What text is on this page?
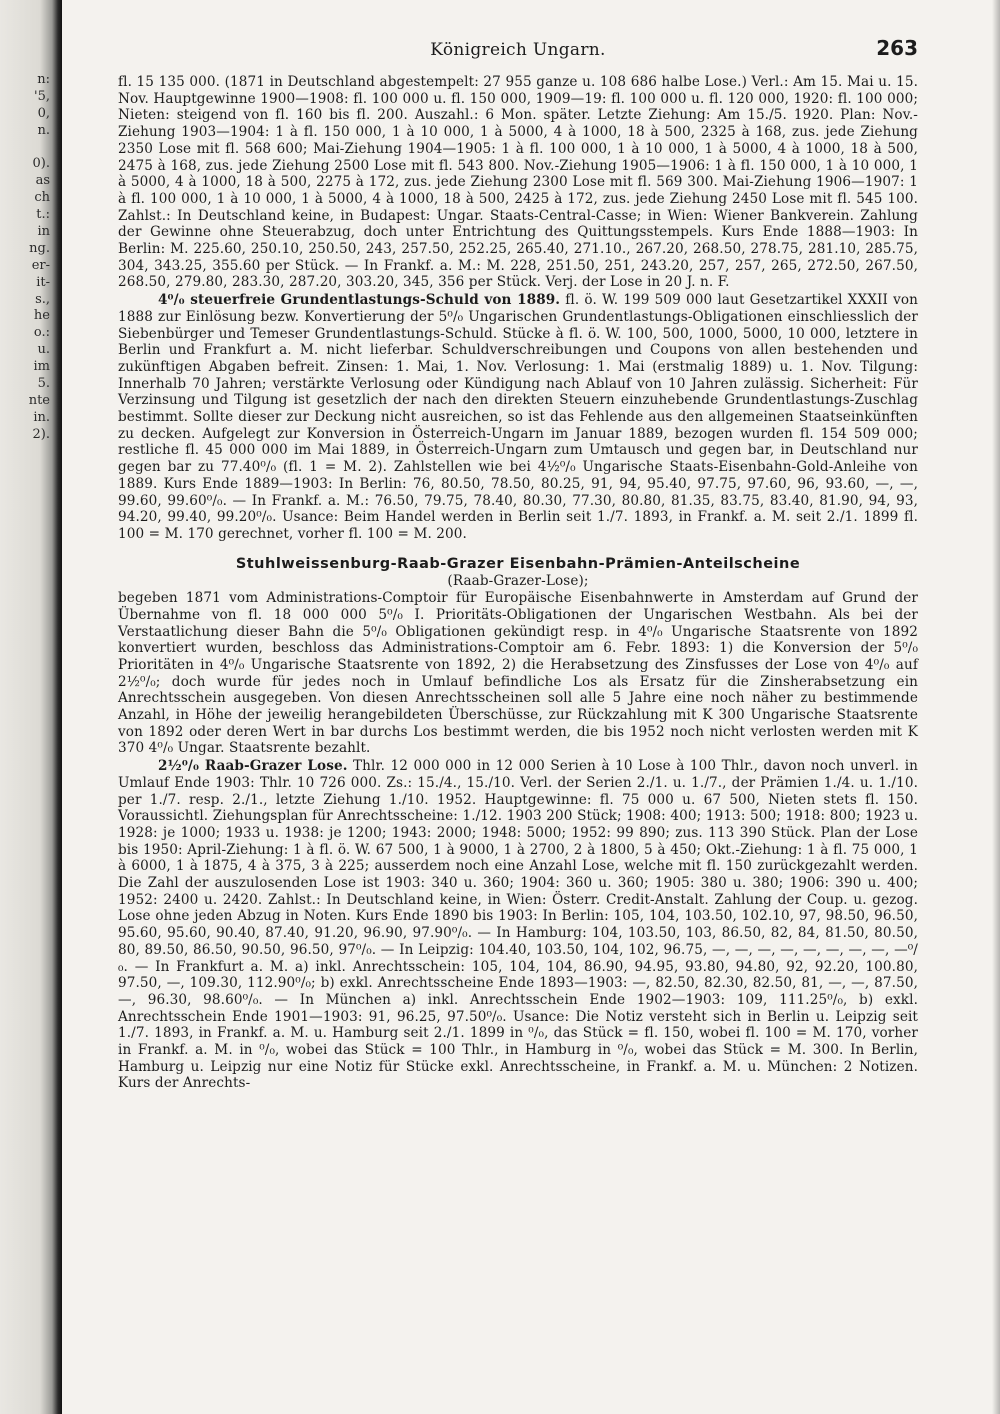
n:
'5,
0,
n.
0).
as
ch
t.:
in
ng.
er-
it-
s.,
he
o.:
u.
im
5.
nte
in.
2).
Königreich Ungarn.	263

fl. 15 135 000. (1871 in Deutschland abgestempelt: 27 955 ganze u. 108 686 halbe Lose.) Verl.: Am 15. Mai u. 15. Nov. Hauptgewinne 1900—1908: fl. 100 000 u. fl. 150 000, 1909—19: fl. 100 000 u. fl. 120 000, 1920: fl. 100 000; Nieten: steigend von fl. 160 bis fl. 200. Auszahl.: 6 Mon. später. Letzte Ziehung: Am 15./5. 1920. Plan: Nov.-Ziehung 1903—1904: 1 à fl. 150 000, 1 à 10 000, 1 à 5000, 4 à 1000, 18 à 500, 2325 à 168, zus. jede Ziehung 2350 Lose mit fl. 568 600; Mai-Ziehung 1904—1905: 1 à fl. 100 000, 1 à 10 000, 1 à 5000, 4 à 1000, 18 à 500, 2475 à 168, zus. jede Ziehung 2500 Lose mit fl. 543 800. Nov.-Ziehung 1905—1906: 1 à fl. 150 000, 1 à 10 000, 1 à 5000, 4 à 1000, 18 à 500, 2275 à 172, zus. jede Ziehung 2300 Lose mit fl. 569 300. Mai-Ziehung 1906—1907: 1 à fl. 100 000, 1 à 10 000, 1 à 5000, 4 à 1000, 18 à 500, 2425 à 172, zus. jede Ziehung 2450 Lose mit fl. 545 100. Zahlst.: In Deutschland keine, in Budapest: Ungar. Staats-Central-Casse; in Wien: Wiener Bankverein. Zahlung der Gewinne ohne Steuerabzug, doch unter Entrichtung des Quittungsstempels. Kurs Ende 1888—1903: In Berlin: M. 225.60, 250.10, 250.50, 243, 257.50, 252.25, 265.40, 271.10., 267.20, 268.50, 278.75, 281.10, 285.75, 304, 343.25, 355.60 per Stück. — In Frankf. a. M.: M. 228, 251.50, 251, 243.20, 257, 257, 265, 272.50, 267.50, 268.50, 279.80, 283.30, 287.20, 303.20, 345, 356 per Stück. Verj. der Lose in 20 J. n. F.

4⁰/₀ steuerfreie Grundentlastungs-Schuld von 1889. fl. ö. W. 199 509 000 laut Gesetzartikel XXXII von 1888 zur Einlösung bezw. Konvertierung der 5⁰/₀ Ungarischen Grundentlastungs-Obligationen einschliesslich der Siebenbürger und Temeser Grundentlastungs-Schuld. Stücke à fl. ö. W. 100, 500, 1000, 5000, 10 000, letztere in Berlin und Frankfurt a. M. nicht lieferbar. Schuldverschreibungen und Coupons von allen bestehenden und zukünftigen Abgaben befreit. Zinsen: 1. Mai, 1. Nov. Verlosung: 1. Mai (erstmalig 1889) u. 1. Nov. Tilgung: Innerhalb 70 Jahren; verstärkte Verlosung oder Kündigung nach Ablauf von 10 Jahren zulässig. Sicherheit: Für Verzinsung und Tilgung ist gesetzlich der nach den direkten Steuern einzuhebende Grundentlastungs-Zuschlag bestimmt. Sollte dieser zur Deckung nicht ausreichen, so ist das Fehlende aus den allgemeinen Staatseinkünften zu decken. Aufgelegt zur Konversion in Österreich-Ungarn im Januar 1889, bezogen wurden fl. 154 509 000; restliche fl. 45 000 000 im Mai 1889, in Österreich-Ungarn zum Umtausch und gegen bar, in Deutschland nur gegen bar zu 77.40⁰/₀ (fl. 1 = M. 2). Zahlstellen wie bei 4½⁰/₀ Ungarische Staats-Eisenbahn-Gold-Anleihe von 1889. Kurs Ende 1889—1903: In Berlin: 76, 80.50, 78.50, 80.25, 91, 94, 95.40, 97.75, 97.60, 96, 93.60, —, —, 99.60, 99.60⁰/₀. — In Frankf. a. M.: 76.50, 79.75, 78.40, 80.30, 77.30, 80.80, 81.35, 83.75, 83.40, 81.90, 94, 93, 94.20, 99.40, 99.20⁰/₀. Usance: Beim Handel werden in Berlin seit 1./7. 1893, in Frankf. a. M. seit 2./1. 1899 fl. 100 = M. 170 gerechnet, vorher fl. 100 = M. 200.

Stuhlweissenburg-Raab-Grazer Eisenbahn-Prämien-Anteilscheine
(Raab-Grazer-Lose);

begeben 1871 vom Administrations-Comptoir für Europäische Eisenbahnwerte in Amsterdam auf Grund der Übernahme von fl. 18 000 000 5⁰/₀ I. Prioritäts-Obligationen der Ungarischen Westbahn. Als bei der Verstaatlichung dieser Bahn die 5⁰/₀ Obligationen gekündigt resp. in 4⁰/₀ Ungarische Staatsrente von 1892 konvertiert wurden, beschloss das Administrations-Comptoir am 6. Febr. 1893: 1) die Konversion der 5⁰/₀ Prioritäten in 4⁰/₀ Ungarische Staatsrente von 1892, 2) die Herabsetzung des Zinsfusses der Lose von 4⁰/₀ auf 2½⁰/₀; doch wurde für jedes noch in Umlauf befindliche Los als Ersatz für die Zinsherabsetzung ein Anrechtsschein ausgegeben. Von diesen Anrechtsscheinen soll alle 5 Jahre eine noch näher zu bestimmende Anzahl, in Höhe der jeweilig herangebildeten Überschüsse, zur Rückzahlung mit K 300 Ungarische Staatsrente von 1892 oder deren Wert in bar durchs Los bestimmt werden, die bis 1952 noch nicht verlosten werden mit K 370 4⁰/₀ Ungar. Staatsrente bezahlt.

2½⁰/₀ Raab-Grazer Lose. Thlr. 12 000 000 in 12 000 Serien à 10 Lose à 100 Thlr., davon noch unverl. in Umlauf Ende 1903: Thlr. 10 726 000. Zs.: 15./4., 15./10. Verl. der Serien 2./1. u. 1./7., der Prämien 1./4. u. 1./10. per 1./7. resp. 2./1., letzte Ziehung 1./10. 1952. Hauptgewinne: fl. 75 000 u. 67 500, Nieten stets fl. 150. Voraussichtl. Ziehungsplan für Anrechtsscheine: 1./12. 1903 200 Stück; 1908: 400; 1913: 500; 1918: 800; 1923 u. 1928: je 1000; 1933 u. 1938: je 1200; 1943: 2000; 1948: 5000; 1952: 99 890; zus. 113 390 Stück. Plan der Lose bis 1950: April-Ziehung: 1 à fl. ö. W. 67 500, 1 à 9000, 1 à 2700, 2 à 1800, 5 à 450; Okt.-Ziehung: 1 à fl. 75 000, 1 à 6000, 1 à 1875, 4 à 375, 3 à 225; ausserdem noch eine Anzahl Lose, welche mit fl. 150 zurückgezahlt werden. Die Zahl der auszulosenden Lose ist 1903: 340 u. 360; 1904: 360 u. 360; 1905: 380 u. 380; 1906: 390 u. 400; 1952: 2400 u. 2420. Zahlst.: In Deutschland keine, in Wien: Österr. Credit-Anstalt. Zahlung der Coup. u. gezog. Lose ohne jeden Abzug in Noten. Kurs Ende 1890 bis 1903: In Berlin: 105, 104, 103.50, 102.10, 97, 98.50, 96.50, 95.60, 95.60, 90.40, 87.40, 91.20, 96.90, 97.90⁰/₀. — In Hamburg: 104, 103.50, 103, 86.50, 82, 84, 81.50, 80.50, 80, 89.50, 86.50, 90.50, 96.50, 97⁰/₀. — In Leipzig: 104.40, 103.50, 104, 102, 96.75, —, —, —, —, —, —, —, —, —⁰/₀. — In Frankfurt a. M. a) inkl. Anrechtsschein: 105, 104, 104, 86.90, 94.95, 93.80, 94.80, 92, 92.20, 100.80, 97.50, —, 109.30, 112.90⁰/₀; b) exkl. Anrechtsscheine Ende 1893—1903: —, 82.50, 82.30, 82.50, 81, —, —, 87.50, —, 96.30, 98.60⁰/₀. — In München a) inkl. Anrechtsschein Ende 1902—1903: 109, 111.25⁰/₀, b) exkl. Anrechtsschein Ende 1901—1903: 91, 96.25, 97.50⁰/₀. Usance: Die Notiz versteht sich in Berlin u. Leipzig seit 1./7. 1893, in Frankf. a. M. u. Hamburg seit 2./1. 1899 in ⁰/₀, das Stück = fl. 150, wobei fl. 100 = M. 170, vorher in Frankf. a. M. in ⁰/₀, wobei das Stück = 100 Thlr., in Hamburg in ⁰/₀, wobei das Stück = M. 300. In Berlin, Hamburg u. Leipzig nur eine Notiz für Stücke exkl. Anrechtsscheine, in Frankf. a. M. u. München: 2 Notizen. Kurs der Anrechts-
